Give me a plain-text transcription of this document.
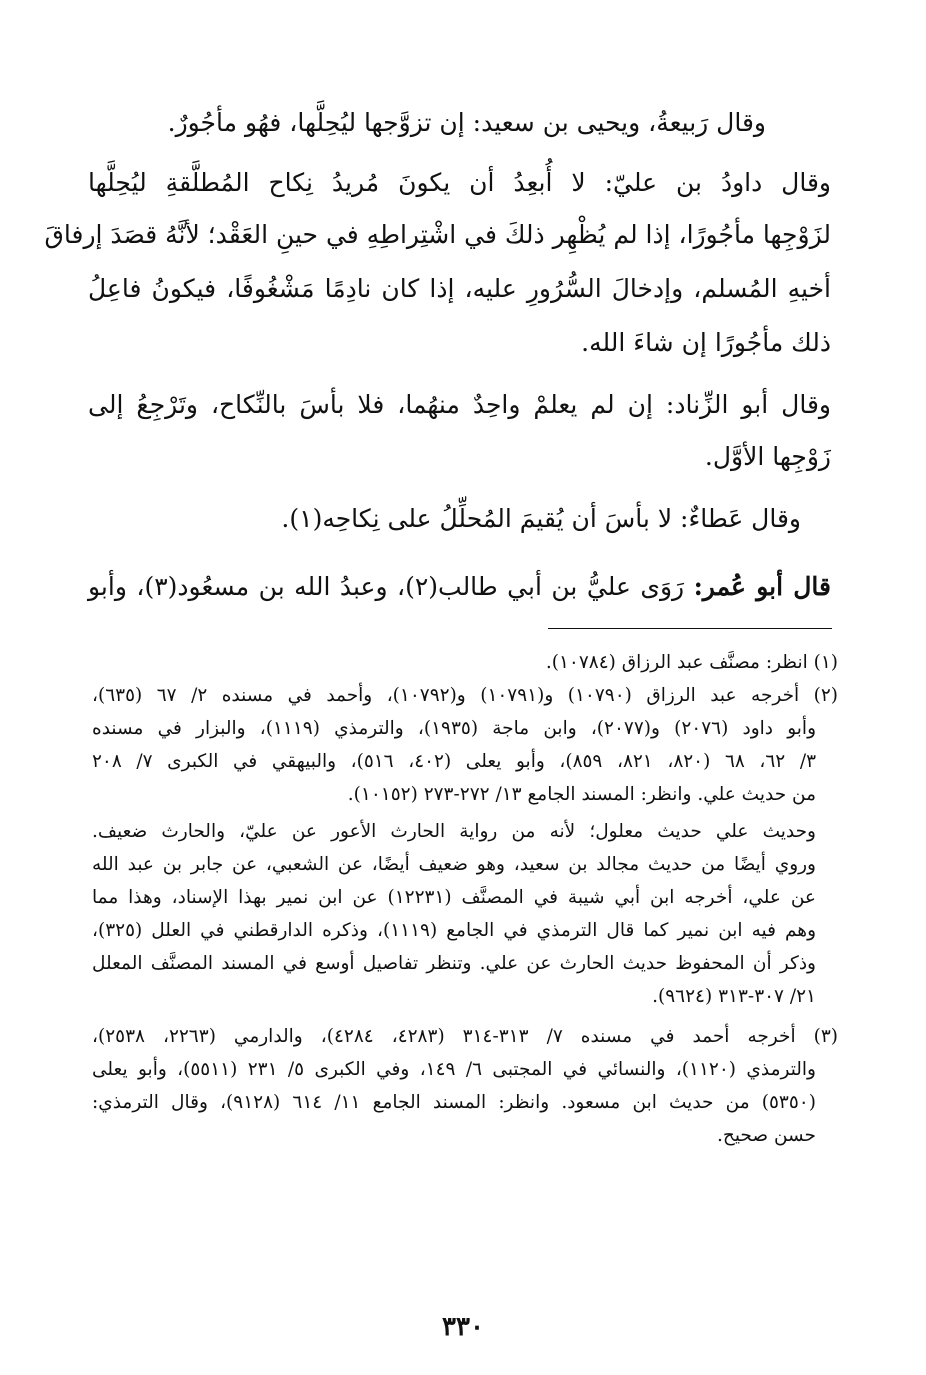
وقال رَبيعةُ، ويحيى بن سعيد: إن تزوَّجها ليُحِلَّها، فهُو مأجُورٌ.
وقال داودُ بن عليّ: لا أُبعِدُ أن يكونَ مُريدُ نِكاح المُطلَّقةِ ليُحِلَّها
لزَوْجِها مأجُورًا، إذا لم يُظْهِر ذلكَ في اشْتِراطِهِ في حينِ العَقْد؛ لأنَّهُ قصَدَ إرفاقَ
أخيهِ المُسلم، وإدخالَ السُّرُورِ عليه، إذا كان نادِمًا مَشْغُوفًا، فيكونُ فاعِلُ
ذلك مأجُورًا إن شاءَ الله.
وقال أبو الزِّناد: إن لم يعلمْ واحِدٌ منهُما، فلا بأسَ بالنِّكاح، وتَرْجِعُ إلى
زَوْجِها الأوَّل.
وقال عَطاءٌ: لا بأسَ أن يُقيمَ المُحلِّلُ على نِكاحِه(١).
قال أبو عُمر: رَوَى عليُّ بن أبي طالب(٢)، وعبدُ الله بن مسعُود(٣)، وأبو
(١) انظر: مصنَّف عبد الرزاق (١٠٧٨٤).
(٢) أخرجه عبد الرزاق (١٠٧٩٠) و(١٠٧٩١) و(١٠٧٩٢)، وأحمد في مسنده ٢/ ٦٧ (٦٣٥)،
وأبو داود (٢٠٧٦) و(٢٠٧٧)، وابن ماجة (١٩٣٥)، والترمذي (١١١٩)، والبزار في مسنده
٣/ ٦٢، ٦٨ (٨٢٠، ٨٢١، ٨٥٩)، وأبو يعلى (٤٠٢، ٥١٦)، والبيهقي في الكبرى ٧/ ٢٠٨
من حديث علي. وانظر: المسند الجامع ١٣/ ٢٧٢-٢٧٣ (١٠١٥٢).
وحديث علي حديث معلول؛ لأنه من رواية الحارث الأعور عن عليّ، والحارث ضعيف.
وروي أيضًا من حديث مجالد بن سعيد، وهو ضعيف أيضًا، عن الشعبي، عن جابر بن عبد الله
عن علي، أخرجه ابن أبي شيبة في المصنَّف (١٢٢٣١) عن ابن نمير بهذا الإسناد، وهذا مما
وهم فيه ابن نمير كما قال الترمذي في الجامع (١١١٩)، وذكره الدارقطني في العلل (٣٢٥)،
وذكر أن المحفوظ حديث الحارث عن علي. وتنظر تفاصيل أوسع في المسند المصنَّف المعلل
٢١/ ٣٠٧-٣١٣ (٩٦٢٤).
(٣) أخرجه أحمد في مسنده ٧/ ٣١٣-٣١٤ (٤٢٨٣، ٤٢٨٤)، والدارمي (٢٢٦٣، ٢٥٣٨)،
والترمذي (١١٢٠)، والنسائي في المجتبى ٦/ ١٤٩، وفي الكبرى ٥/ ٢٣١ (٥٥١١)، وأبو يعلى
(٥٣٥٠) من حديث ابن مسعود. وانظر: المسند الجامع ١١/ ٦١٤ (٩١٢٨)، وقال الترمذي:
حسن صحيح.
٣٣٠
